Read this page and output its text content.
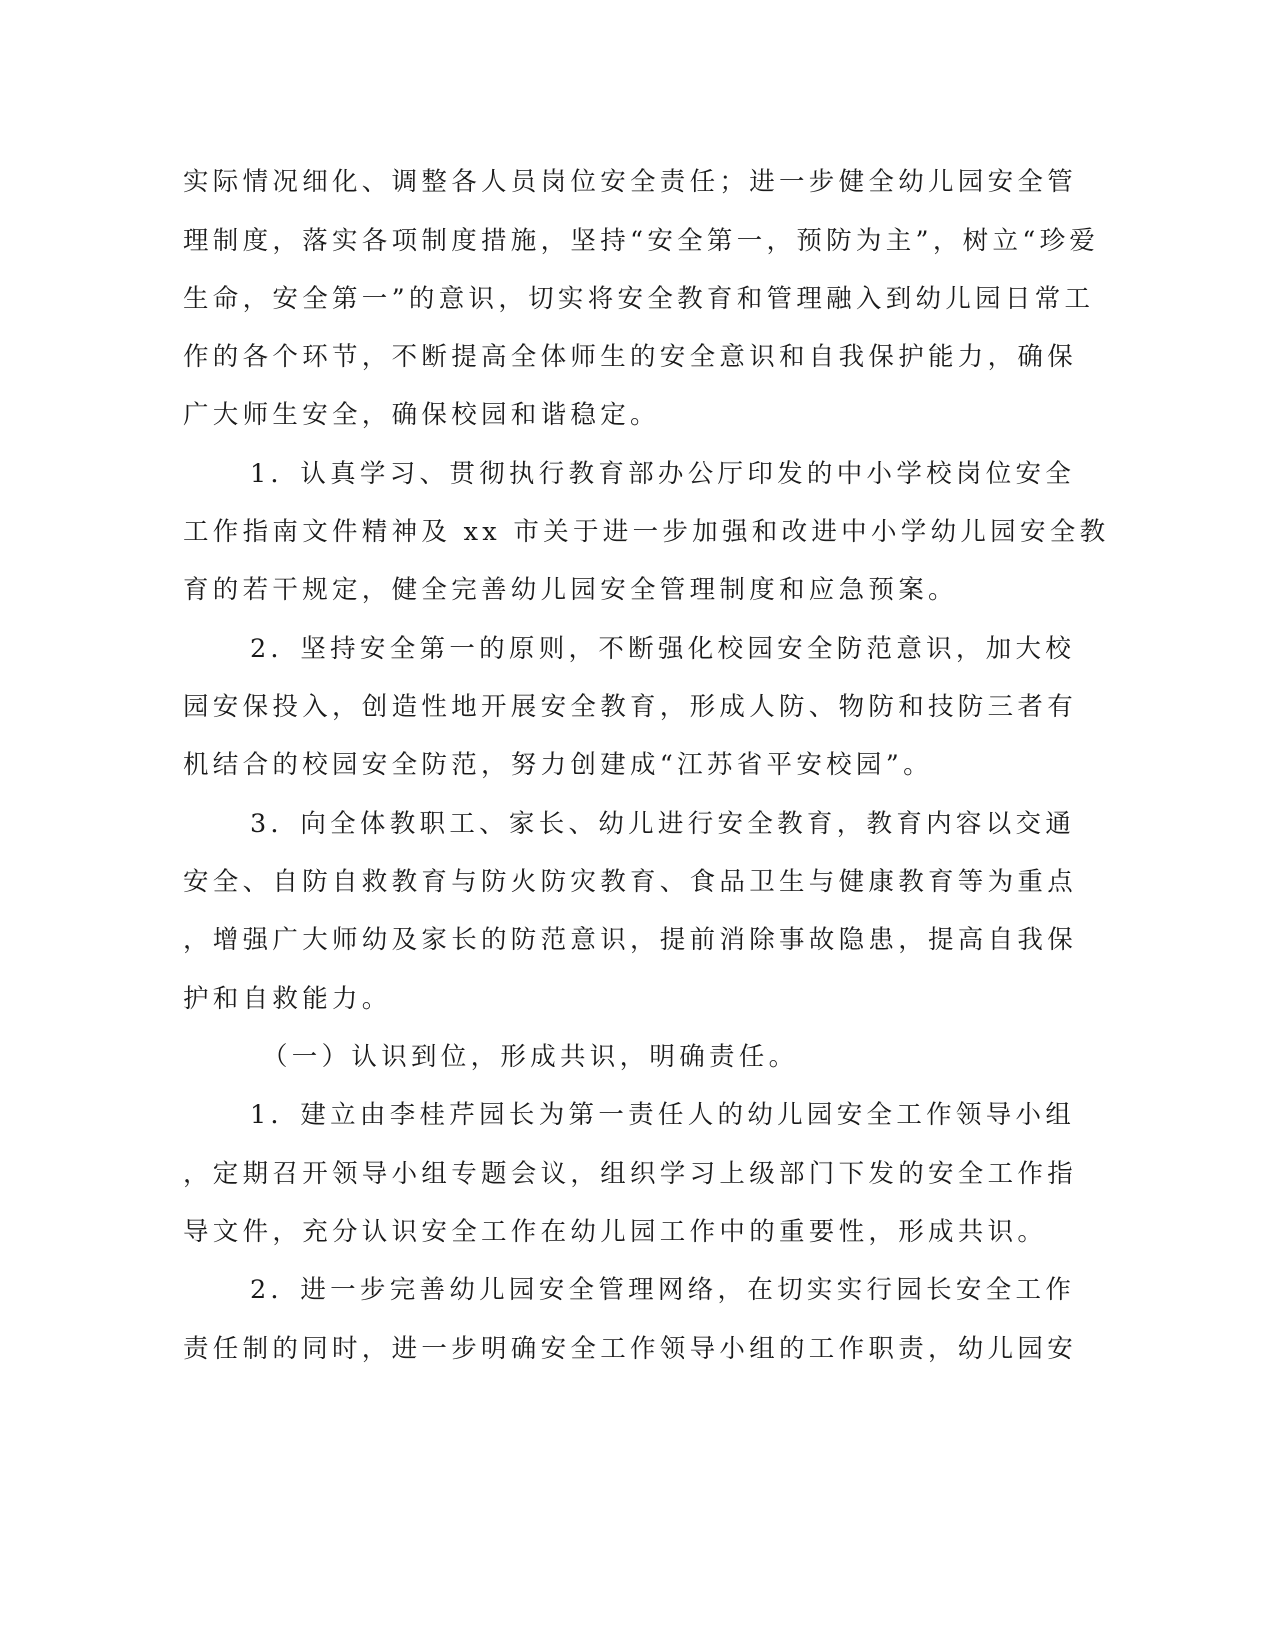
实际情况细化、调整各人员岗位安全责任；进一步健全幼儿园安全管
理制度，落实各项制度措施，坚持“安全第一，预防为主”，树立“珍爱
生命，安全第一”的意识，切实将安全教育和管理融入到幼儿园日常工
作的各个环节，不断提高全体师生的安全意识和自我保护能力，确保
广大师生安全，确保校园和谐稳定。
1．认真学习、贯彻执行教育部办公厅印发的中小学校岗位安全
工作指南文件精神及 xx 市关于进一步加强和改进中小学幼儿园安全教
育的若干规定，健全完善幼儿园安全管理制度和应急预案。
2．坚持安全第一的原则，不断强化校园安全防范意识，加大校
园安保投入，创造性地开展安全教育，形成人防、物防和技防三者有
机结合的校园安全防范，努力创建成“江苏省平安校园”。
3．向全体教职工、家长、幼儿进行安全教育，教育内容以交通
安全、自防自救教育与防火防灾教育、食品卫生与健康教育等为重点
，增强广大师幼及家长的防范意识，提前消除事故隐患，提高自我保
护和自救能力。
（一）认识到位，形成共识，明确责任。
1．建立由李桂芹园长为第一责任人的幼儿园安全工作领导小组
，定期召开领导小组专题会议，组织学习上级部门下发的安全工作指
导文件，充分认识安全工作在幼儿园工作中的重要性，形成共识。
2．进一步完善幼儿园安全管理网络，在切实实行园长安全工作
责任制的同时，进一步明确安全工作领导小组的工作职责，幼儿园安
